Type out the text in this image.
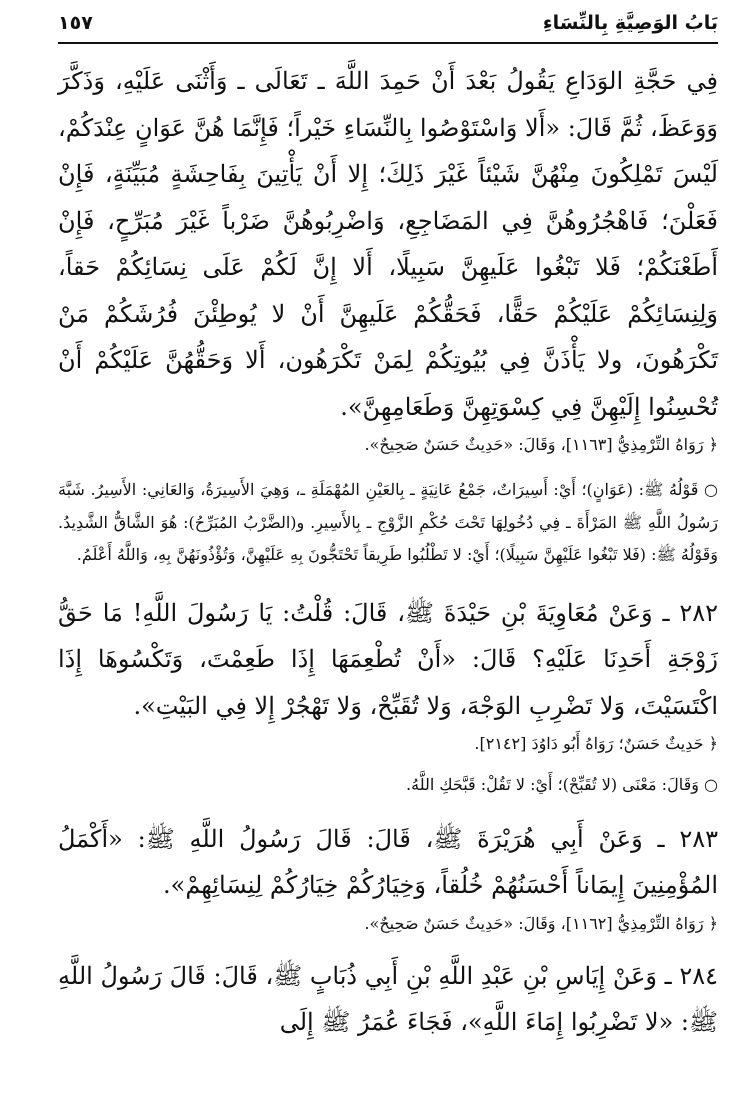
بَابُ الوَصِيَّةِ بِالنِّسَاءِ
١٥٧

فِي حَجَّةِ الوَدَاعِ يَقُولُ بَعْدَ أَنْ حَمِدَ اللَّهَ ـ تَعَالَى ـ وَأَثْنَى عَلَيْهِ، وَذَكَّرَ وَوَعَظَ، ثُمَّ قَالَ: «أَلا وَاسْتَوْصُوا بِالنِّسَاءِ خَيْراً؛ فَإِنَّمَا هُنَّ عَوَانٍ عِنْدَكُمْ، لَيْسَ تَمْلِكُونَ مِنْهُنَّ شَيْئاً غَيْرَ ذَلِكَ؛ إِلا أَنْ يَأْتِينَ بِفَاحِشَةٍ مُبَيِّنَةٍ، فَإِنْ فَعَلْنَ؛ فَاهْجُرُوهُنَّ فِي المَضَاجِعِ، وَاضْرِبُوهُنَّ ضَرْباً غَيْرَ مُبَرِّحٍ، فَإِنْ أَطَعْنَكُمْ؛ فَلا تَبْغُوا عَلَيهِنَّ سَبِيلًا، أَلا إِنَّ لَكُمْ عَلَى نِسَائِكُمْ حَقاً، وَلِنِسَائِكُمْ عَلَيْكُمْ حَقًّا، فَحَقُّكُمْ عَلَيهِنَّ أَنْ لا يُوطِئْنَ فُرُشَكُمْ مَنْ تَكْرَهُونَ، ولا يَأْذَنَّ فِي بُيُوتِكُمْ لِمَنْ تَكْرَهُون، أَلا وَحَقُّهُنَّ عَلَيْكُمْ أَنْ تُحْسِنُوا إِلَيْهِنَّ فِي كِسْوَتِهِنَّ وَطَعَامِهِنَّ».

﴿ رَوَاهُ التِّرْمِذِيُّ [١١٦٣]، وَقَالَ: «حَدِيثٌ حَسَنٌ صَحِيحٌ».

○ قَوْلُهُ ﷺ: (عَوَانٍ)؛ أَيْ: أَسِيرَاتٌ، جَمْعُ عَانِيَةٍ ـ بِالعَيْنِ المُهْمَلَةِ ـ، وَهِيَ الأَسِيرَةُ، وَالعَانِي: الأَسِيرُ. شَبَّهَ رَسُولُ اللَّهِ ﷺ المَرْأَةَ ـ فِي دُخُولِهَا تَحْتَ حُكْمِ الزَّوْجِ ـ بِالأَسِيرِ. و(الضَّرْبُ المُبَرِّحُ): هُوَ الشَّاقُّ الشَّدِيدُ. وَقَوْلُهُ ﷺ: (فَلا تَبْغُوا عَلَيْهِنَّ سَبِيلًا)؛ أَيْ: لا تَطْلُبُوا طَرِيقاً تَحْتَجُّونَ بِهِ عَلَيْهِنَّ، وَتُؤْذُونَهُنَّ بِهِ، وَاللَّهُ أَعْلَمُ.

٢٨٢ ـ وَعَنْ مُعَاوِيَةَ بْنِ حَيْدَةَ ﷺ، قَالَ: قُلْتُ: يَا رَسُولَ اللَّهِ! مَا حَقُّ زَوْجَةِ أَحَدِنَا عَلَيْهِ؟ قَالَ: «أَنْ تُطْعِمَهَا إِذَا طَعِمْتَ، وَتَكْسُوهَا إِذَا اكْتَسَيْتَ، وَلا تَضْرِبِ الوَجْهَ، وَلا تُقَبِّحْ، وَلا تَهْجُرْ إِلا فِي البَيْتِ».

﴿ حَدِيثٌ حَسَنٌ؛ رَوَاهُ أَبُو دَاوُدَ [٢١٤٢].

○ وَقَالَ: مَعْنَى (لا تُقَبِّحْ)؛ أَيْ: لا تَقُلْ: قَبَّحَكِ اللَّهُ.

٢٨٣ ـ وَعَنْ أَبِي هُرَيْرَةَ ﷺ، قَالَ: قَالَ رَسُولُ اللَّهِ ﷺ: «أَكْمَلُ المُؤْمِنِينَ إِيمَاناً أَحْسَنُهُمْ خُلُقاً، وَخِيَارُكُمْ خِيَارُكُمْ لِنِسَائِهِمْ».

﴿ رَوَاهُ التِّرْمِذِيُّ [١١٦٢]، وَقَالَ: «حَدِيثٌ حَسَنٌ صَحِيحٌ».

٢٨٤ ـ وَعَنْ إِيَاسِ بْنِ عَبْدِ اللَّهِ بْنِ أَبِي ذُبَابٍ ﷺ، قَالَ: قَالَ رَسُولُ اللَّهِ ﷺ: «لا تَضْرِبُوا إِمَاءَ اللَّهِ»، فَجَاءَ عُمَرُ ﷺ إِلَى
